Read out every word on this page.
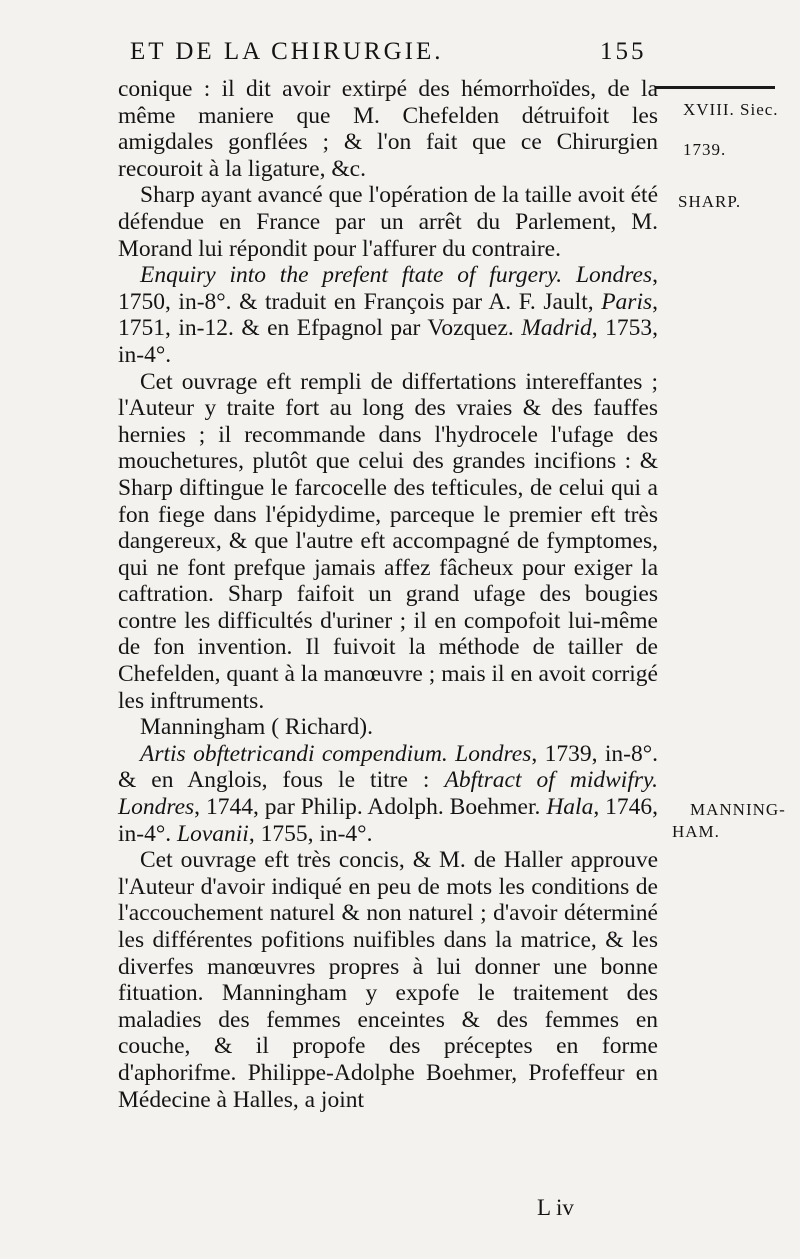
ET DE LA CHIRURGIE.	155
XVIII. Siec.
1739.
SHARP.
MANNING-
HAM.

conique : il dit avoir extirpé des hémorrhoïdes, de la même maniere que M. Chefelden détruifoit les amigdales gonflées ; & l'on fait que ce Chirurgien recouroit à la ligature, &c.

Sharp ayant avancé que l'opération de la taille avoit été défendue en France par un arrêt du Parlement, M. Morand lui répondit pour l'affurer du contraire.

Enquiry into the prefent ftate of furgery. Londres, 1750, in-8°. & traduit en François par A. F. Jault, Paris, 1751, in-12. & en Efpagnol par Vozquez. Madrid, 1753, in-4°.

Cet ouvrage eft rempli de differtations intereffantes ; l'Auteur y traite fort au long des vraies & des fauffes hernies ; il recommande dans l'hydrocele l'ufage des mouchetures, plutôt que celui des grandes incifions : & Sharp diftingue le farcocelle des tefticules, de celui qui a fon fiege dans l'épidydime, parceque le premier eft très dangereux, & que l'autre eft accompagné de fymptomes, qui ne font prefque jamais affez fâcheux pour exiger la caftration. Sharp faifoit un grand ufage des bougies contre les difficultés d'uriner ; il en compofoit lui-même de fon invention. Il fuivoit la méthode de tailler de Chefelden, quant à la manœuvre ; mais il en avoit corrigé les inftruments.

Manningham ( Richard).

Artis obftetricandi compendium. Londres, 1739, in-8°. & en Anglois, fous le titre : Abftract of midwifry. Londres, 1744, par Philip. Adolph. Boehmer. Hala, 1746, in-4°. Lovanii, 1755, in-4°.

Cet ouvrage eft très concis, & M. de Haller approuve l'Auteur d'avoir indiqué en peu de mots les conditions de l'accouchement naturel & non naturel ; d'avoir déterminé les différentes pofitions nuifibles dans la matrice, & les diverfes manœuvres propres à lui donner une bonne fituation. Manningham y expofe le traitement des maladies des femmes enceintes & des femmes en couche, & il propofe des préceptes en forme d'aphorifme. Philippe-Adolphe Boehmer, Profeffeur en Médecine à Halles, a joint

L iv
